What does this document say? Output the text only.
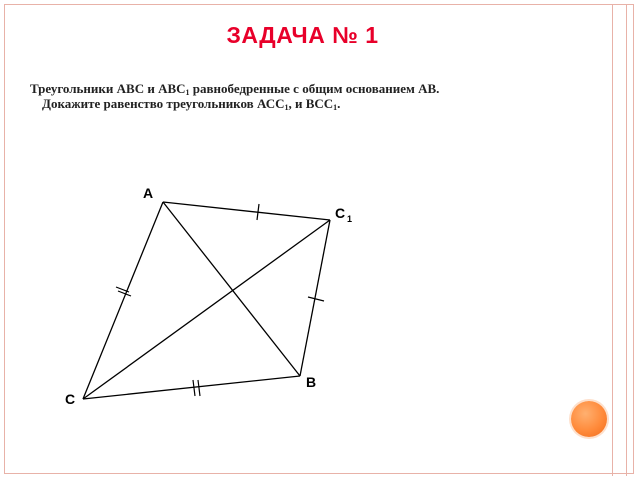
ЗАДАЧА № 1
Треугольники АВС и $АВС_1$ равнобедренные с общим основанием АВ.
Докажите равенство треугольников $АСС_1$, и $ВСС_1$.
A
C 1
B
C
